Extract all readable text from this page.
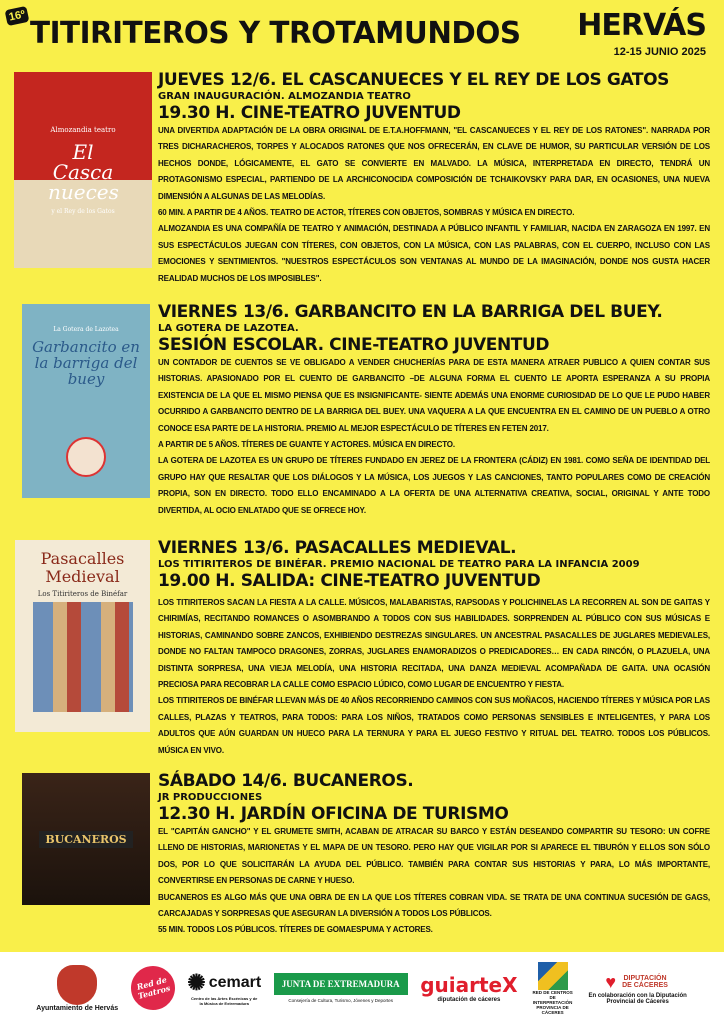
16º
TITIRITEROS Y TROTAMUNDOS HERVÁS
12-15 JUNIO 2025
Almozandia teatro
El Casca nueces
y el Rey de los Gatos
JUEVES 12/6. EL CASCANUECES Y EL REY DE LOS GATOS
GRAN INAUGURACIÓN. ALMOZANDIA TEATRO
19.30 H. CINE-TEATRO JUVENTUD

UNA DIVERTIDA ADAPTACIÓN DE LA OBRA ORIGINAL DE E.T.A.HOFFMANN, "EL CASCANUECES Y EL REY DE LOS RATONES". NARRADA POR TRES DICHARACHEROS, TORPES Y ALOCADOS RATONES QUE NOS OFRECERÁN, EN CLAVE DE HUMOR, SU PARTICULAR VERSIÓN DE LOS HECHOS DONDE, LÓGICAMENTE, EL GATO SE CONVIERTE EN MALVADO. LA MÚSICA, INTERPRETADA EN DIRECTO, TENDRÁ UN PROTAGONISMO ESPECIAL, PARTIENDO DE LA ARCHICONOCIDA COMPOSICIÓN DE TCHAIKOVSKY PARA DAR, EN OCASIONES, UNA NUEVA DIMENSIÓN A ALGUNAS DE LAS MELODÍAS.

60 MIN. A PARTIR DE 4 AÑOS. TEATRO DE ACTOR, TÍTERES CON OBJETOS, SOMBRAS Y MÚSICA EN DIRECTO.

ALMOZANDIA ES UNA COMPAÑÍA DE TEATRO Y ANIMACIÓN, DESTINADA A PÚBLICO INFANTIL Y FAMILIAR, NACIDA EN ZARAGOZA EN 1997. EN SUS ESPECTÁCULOS JUEGAN CON TÍTERES, CON OBJETOS, CON LA MÚSICA, CON LAS PALABRAS, CON EL CUERPO, INCLUSO CON LAS EMOCIONES Y SENTIMIENTOS. "NUESTROS ESPECTÁCULOS SON VENTANAS AL MUNDO DE LA IMAGINACIÓN, DONDE NOS GUSTA HACER REALIDAD MUCHOS DE LOS IMPOSIBLES".

La Gotera de Lazotea
Garbancito en la barriga del buey
VIERNES 13/6. GARBANCITO EN LA BARRIGA DEL BUEY.
LA GOTERA DE LAZOTEA.
SESIÓN ESCOLAR. CINE-TEATRO JUVENTUD

UN CONTADOR DE CUENTOS SE VE OBLIGADO A VENDER CHUCHERÍAS PARA DE ESTA MANERA ATRAER PUBLICO A QUIEN CONTAR SUS HISTORIAS. APASIONADO POR EL CUENTO DE GARBANCITO –DE ALGUNA FORMA EL CUENTO LE APORTA ESPERANZA A SU PROPIA EXISTENCIA DE LA QUE EL MISMO PIENSA QUE ES INSIGNIFICANTE- SIENTE ADEMÁS UNA ENORME CURIOSIDAD DE LO QUE LE PUDO HABER OCURRIDO A GARBANCITO DENTRO DE LA BARRIGA DEL BUEY. UNA VAQUERA A LA QUE ENCUENTRA EN EL CAMINO DE UN PUEBLO A OTRO CONOCE ESA PARTE DE LA HISTORIA. PREMIO AL MEJOR ESPECTÁCULO DE TÍTERES EN FETEN 2017.

A PARTIR DE 5 AÑOS. TÍTERES DE GUANTE Y ACTORES. MÚSICA EN DIRECTO.

LA GOTERA DE LAZOTEA ES UN GRUPO DE TÍTERES FUNDADO EN JEREZ DE LA FRONTERA (CÁDIZ) EN 1981. COMO SEÑA DE IDENTIDAD DEL GRUPO HAY QUE RESALTAR QUE LOS DIÁLOGOS Y LA MÚSICA, LOS JUEGOS Y LAS CANCIONES, TANTO POPULARES COMO DE CREACIÓN PROPIA, SON EN DIRECTO. TODO ELLO ENCAMINADO A LA OFERTA DE UNA ALTERNATIVA CREATIVA, SOCIAL, ORIGINAL Y ANTE TODO DIVERTIDA, AL OCIO ENLATADO QUE SE OFRECE HOY.

Pasacalles Medieval
Los Titiriteros de Binéfar
VIERNES 13/6. PASACALLES MEDIEVAL.
LOS TITIRITEROS DE BINÉFAR. PREMIO NACIONAL DE TEATRO PARA LA INFANCIA 2009
19.00 H. SALIDA: CINE-TEATRO JUVENTUD

LOS TITIRITEROS SACAN LA FIESTA A LA CALLE. MÚSICOS, MALABARISTAS, RAPSODAS Y POLICHINELAS LA RECORREN AL SON DE GAITAS Y CHIRIMÍAS, RECITANDO ROMANCES O ASOMBRANDO A TODOS CON SUS HABILIDADES. SORPRENDEN AL PÚBLICO CON SUS MÚSICAS E HISTORIAS, CAMINANDO SOBRE ZANCOS, EXHIBIENDO DESTREZAS SINGULARES. UN ANCESTRAL PASACALLES DE JUGLARES MEDIEVALES, DONDE NO FALTAN TAMPOCO DRAGONES, ZORRAS, JUGLARES ENAMORADIZOS O PREDICADORES… EN CADA RINCÓN, O PLAZUELA, UNA DISTINTA SORPRESA, UNA VIEJA MELODÍA, UNA HISTORIA RECITADA, UNA DANZA MEDIEVAL ACOMPAÑADA DE GAITA. UNA OCASIÓN PRECIOSA PARA RECOBRAR LA CALLE COMO ESPACIO LÚDICO, COMO LUGAR DE ENCUENTRO Y FIESTA.

LOS TITIRITEROS DE BINÉFAR LLEVAN MÁS DE 40 AÑOS RECORRIENDO CAMINOS CON SUS MOÑACOS, HACIENDO TÍTERES Y MÚSICA POR LAS CALLES, PLAZAS Y TEATROS, PARA TODOS: PARA LOS NIÑOS, TRATADOS COMO PERSONAS SENSIBLES E INTELIGENTES, Y PARA LOS ADULTOS QUE AÚN GUARDAN UN HUECO PARA LA TERNURA Y PARA EL JUEGO FESTIVO Y RITUAL DEL TEATRO. TODOS LOS PÚBLICOS. MÚSICA EN VIVO.

BUCANEROS
SÁBADO 14/6. BUCANEROS.
JR PRODUCCIONES
12.30 H. JARDÍN OFICINA DE TURISMO

EL "CAPITÁN GANCHO" Y EL GRUMETE SMITH, ACABAN DE ATRACAR SU BARCO Y ESTÁN DESEANDO COMPARTIR SU TESORO: UN COFRE LLENO DE HISTORIAS, MARIONETAS Y EL MAPA DE UN TESORO. PERO HAY QUE VIGILAR POR SI APARECE EL TIBURÓN Y ELLOS SON SÓLO DOS, POR LO QUE SOLICITARÁN LA AYUDA DEL PÚBLICO. TAMBIÉN PARA CONTAR SUS HISTORIAS Y PARA, LO MÁS IMPORTANTE, CONVERTIRSE EN PERSONAS DE CARNE Y HUESO.

BUCANEROS ES ALGO MÁS QUE UNA OBRA DE EN LA QUE LOS TÍTERES COBRAN VIDA. SE TRATA DE UNA CONTINUA SUCESIÓN DE GAGS, CARCAJADAS Y SORPRESAS QUE ASEGURAN LA DIVERSIÓN A TODOS LOS PÚBLICOS.

55 MIN. TODOS LOS PÚBLICOS. TÍTERES DE GOMAESPUMA Y ACTORES.

Ayuntamiento de Hervás
Red de Teatros ✺ cemart
Centro de las Artes Escénicas y de la Música de Extremadura
JUNTA DE EXTREMADURA
Consejería de Cultura, Turismo, Jóvenes y Deportes
guiarteX
diputación de cáceres
RED DE CENTROS DE INTERPRETACIÓN PROVINCIA DE CÁCERES
♥	DIPUTACIÓN DE CÁCERES
En colaboración con la Diputación Provincial de Cáceres
